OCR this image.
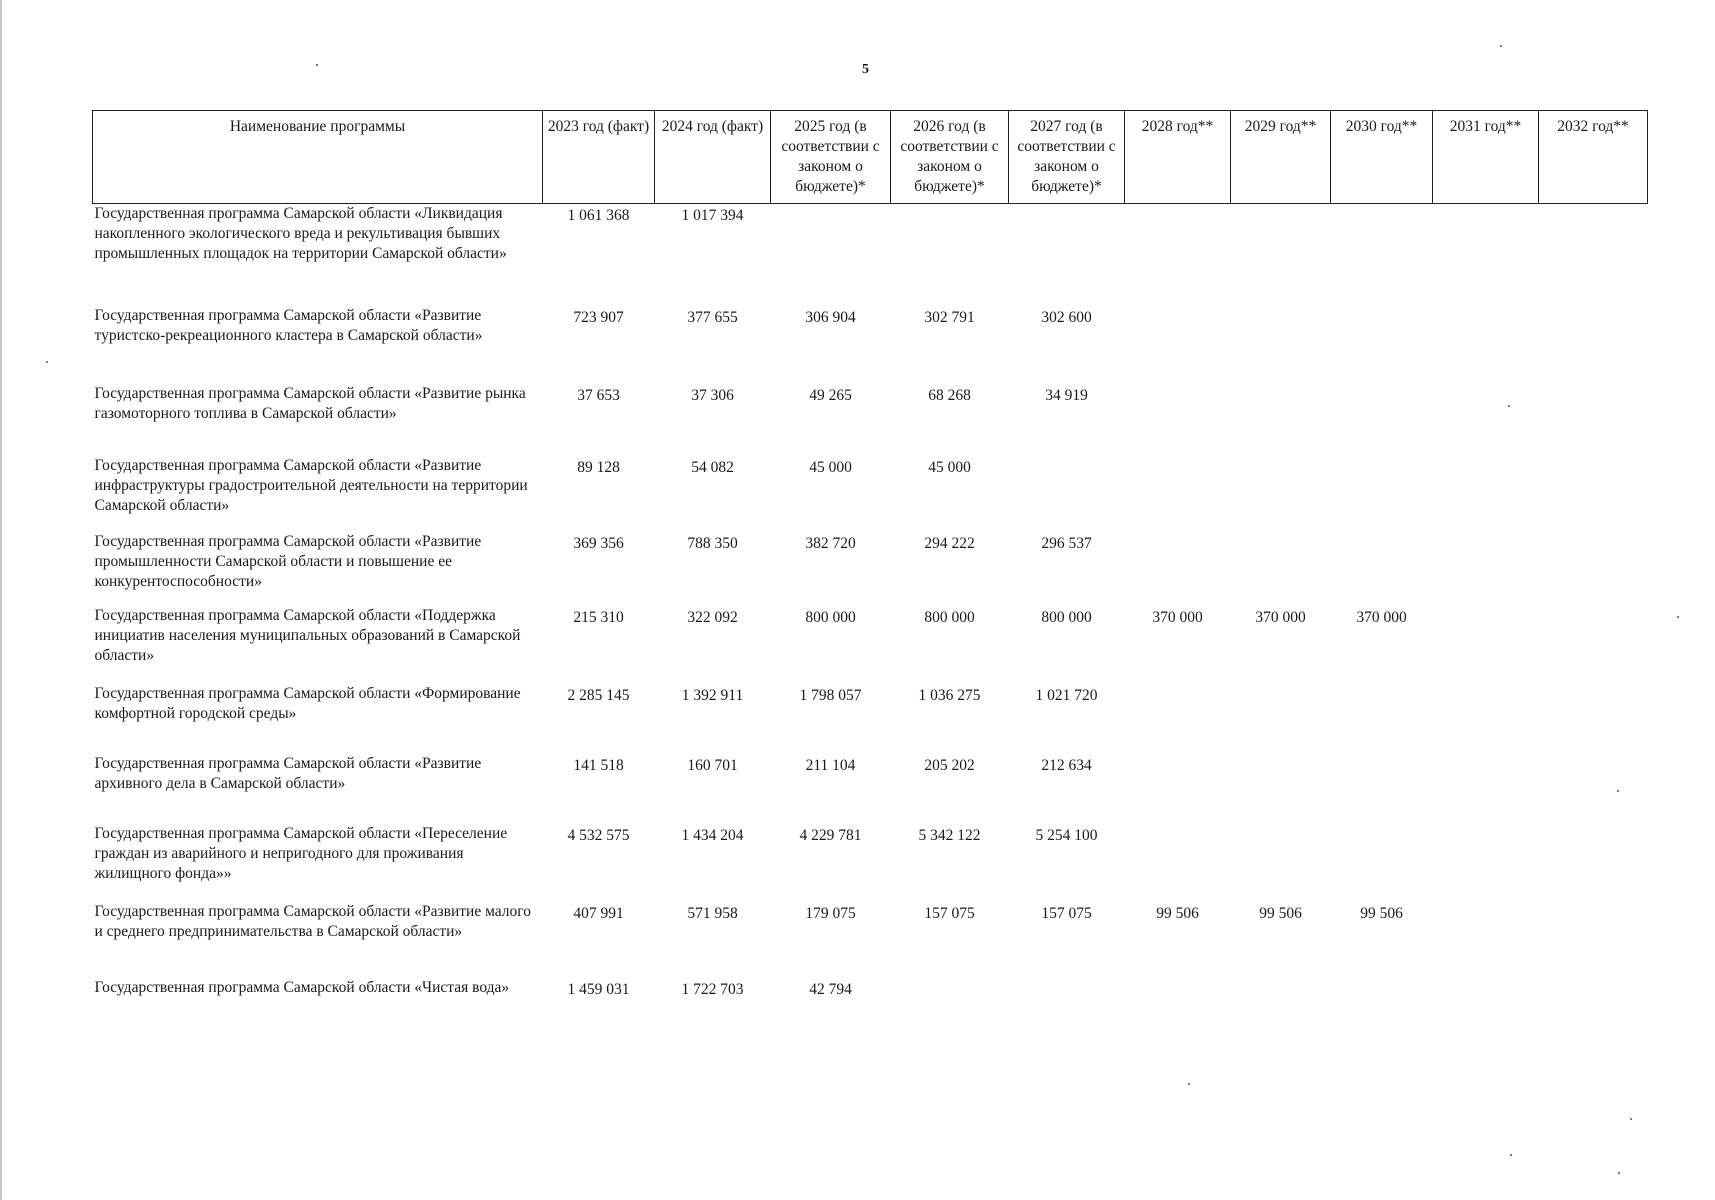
5
Наименование программы	2023 год (факт)	2024 год (факт)	2025 год (в соответствии с законом о бюджете)*	2026 год (в соответствии с законом о бюджете)*	2027 год (в соответствии с законом о бюджете)*	2028 год**	2029 год**	2030 год**	2031 год**	2032 год**
Государственная программа Самарской области «Ликвидация накопленного экологического вреда и рекультивация бывших промышленных площадок на территории Самарской области»	1 061 368	1 017 394								
Государственная программа Самарской области «Развитие туристско-рекреационного кластера в Самарской области»	723 907	377 655	306 904	302 791	302 600					
Государственная программа Самарской области «Развитие рынка газомоторного топлива в Самарской области»	37 653	37 306	49 265	68 268	34 919					
Государственная программа Самарской области «Развитие инфраструктуры градостроительной деятельности на территории Самарской области»	89 128	54 082	45 000	45 000						
Государственная программа Самарской области «Развитие промышленности Самарской области и повышение ее конкурентоспособности»	369 356	788 350	382 720	294 222	296 537					
Государственная программа Самарской области «Поддержка инициатив населения муниципальных образований в Самарской области»	215 310	322 092	800 000	800 000	800 000	370 000	370 000	370 000		
Государственная программа Самарской области «Формирование комфортной городской среды»	2 285 145	1 392 911	1 798 057	1 036 275	1 021 720					
Государственная программа Самарской области «Развитие архивного дела в Самарской области»	141 518	160 701	211 104	205 202	212 634					
Государственная программа Самарской области «Переселение граждан из аварийного и непригодного для проживания жилищного фонда»»	4 532 575	1 434 204	4 229 781	5 342 122	5 254 100					
Государственная программа Самарской области «Развитие малого и среднего предпринимательства в Самарской области»	407 991	571 958	179 075	157 075	157 075	99 506	99 506	99 506		
Государственная программа Самарской области «Чистая вода»	1 459 031	1 722 703	42 794							
